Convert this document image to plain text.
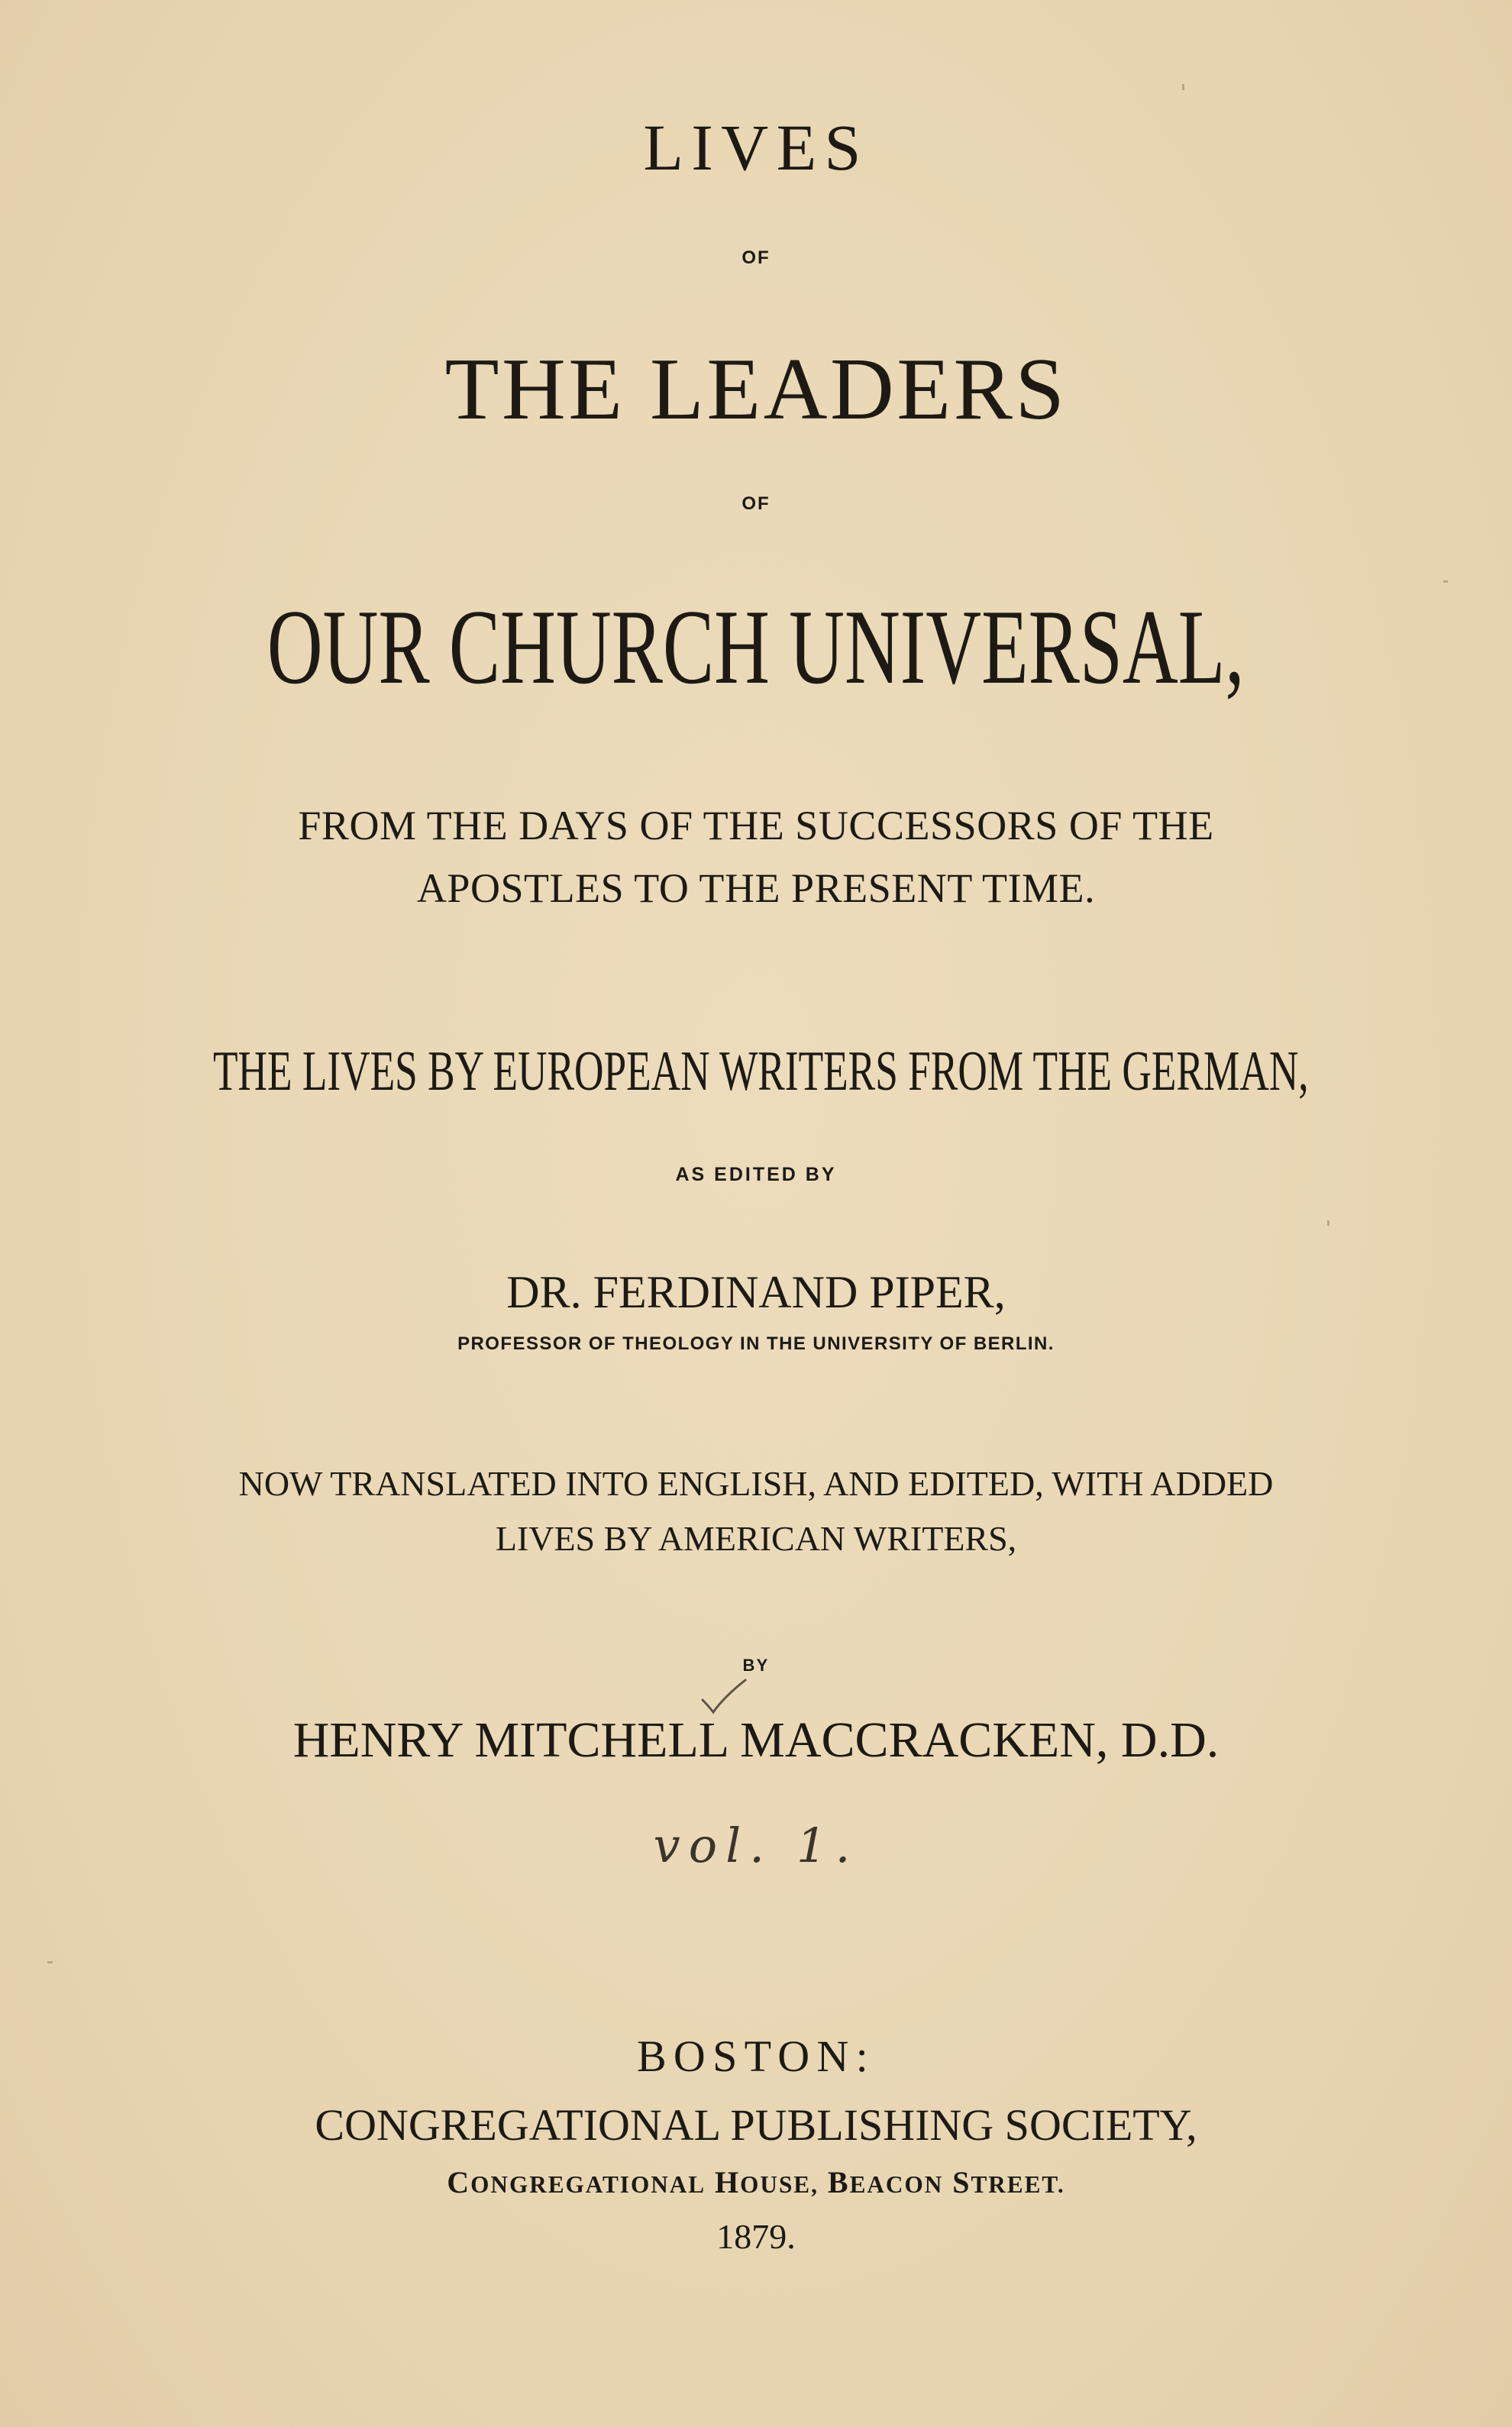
LIVES
OF
THE LEADERS
OF
OUR CHURCH UNIVERSAL,
FROM THE DAYS OF THE SUCCESSORS OF THE
APOSTLES TO THE PRESENT TIME.
THE LIVES BY EUROPEAN WRITERS FROM THE GERMAN,
AS EDITED BY
DR. FERDINAND PIPER,
PROFESSOR OF THEOLOGY IN THE UNIVERSITY OF BERLIN.
NOW TRANSLATED INTO ENGLISH, AND EDITED, WITH ADDED
LIVES BY AMERICAN WRITERS,
BY
HENRY MITCHELL MACCRACKEN, D.D.
vol. 1.
BOSTON:
CONGREGATIONAL PUBLISHING SOCIETY,
CONGREGATIONAL HOUSE, BEACON STREET.
1879.
